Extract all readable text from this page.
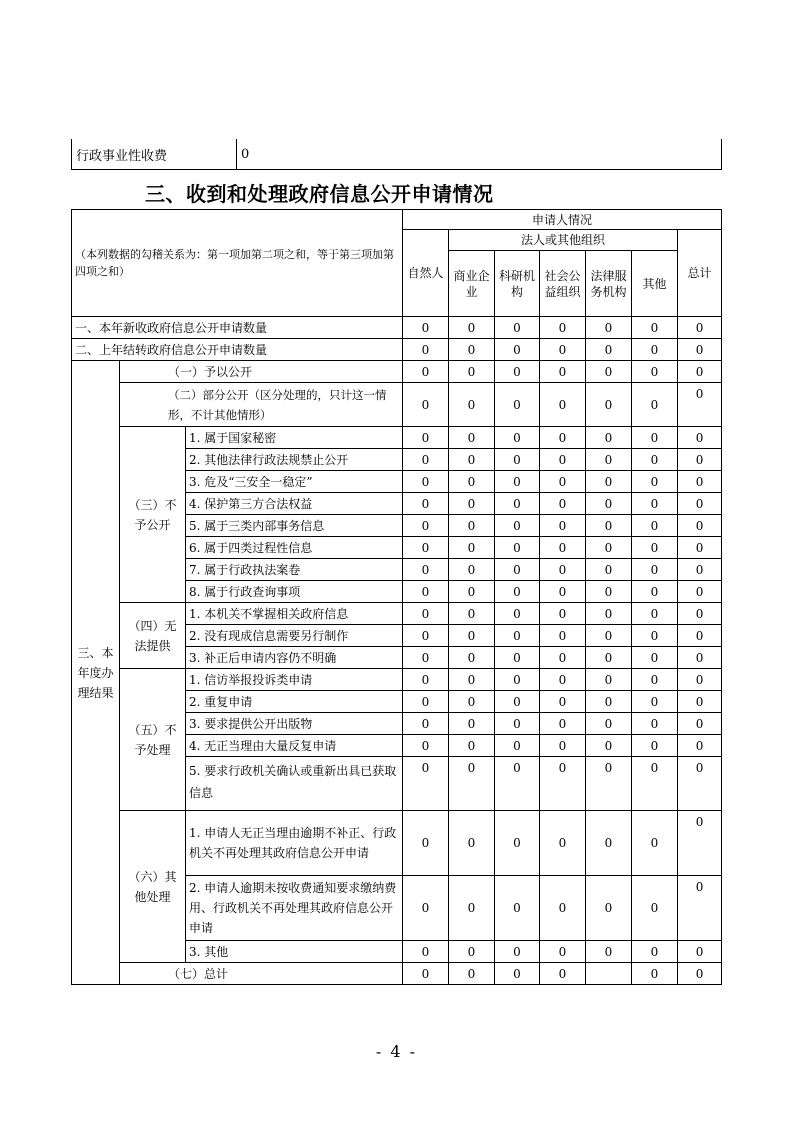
行政事业性收费	0
三、收到和处理政府信息公开申请情况
（本列数据的勾稽关系为：第一项加第二项之和，等于第三项加第四项之和）			申请人情况						
			自然人	法人或其他组织					总计
				商业企业	科研机构	社会公益组织	法律服务机构	其他	
一、本年新收政府信息公开申请数量			0	0	0	0	0	0	0
二、上年结转政府信息公开申请数量			0	0	0	0	0	0	0
三、本年度办理结果	（一）予以公开		0	0	0	0	0	0	0
	（二）部分公开（区分处理的，只计这一情形，不计其他情形）		0	0	0	0	0	0	0
	（三）不予公开	1. 属于国家秘密	0	0	0	0	0	0	0
		2. 其他法律行政法规禁止公开	0	0	0	0	0	0	0
		3. 危及“三安全一稳定”	0	0	0	0	0	0	0
		4. 保护第三方合法权益	0	0	0	0	0	0	0
		5. 属于三类内部事务信息	0	0	0	0	0	0	0
		6. 属于四类过程性信息	0	0	0	0	0	0	0
		7. 属于行政执法案卷	0	0	0	0	0	0	0
		8. 属于行政查询事项	0	0	0	0	0	0	0
	（四）无法提供	1. 本机关不掌握相关政府信息	0	0	0	0	0	0	0
		2. 没有现成信息需要另行制作	0	0	0	0	0	0	0
		3. 补正后申请内容仍不明确	0	0	0	0	0	0	0
	（五）不予处理	1. 信访举报投诉类申请	0	0	0	0	0	0	0
		2. 重复申请	0	0	0	0	0	0	0
		3. 要求提供公开出版物	0	0	0	0	0	0	0
		4. 无正当理由大量反复申请	0	0	0	0	0	0	0
		5. 要求行政机关确认或重新出具已获取信息	0	0	0	0	0	0	0
	（六）其他处理	1. 申请人无正当理由逾期不补正、行政机关不再处理其政府信息公开申请	0	0	0	0	0	0	0
		2. 申请人逾期未按收费通知要求缴纳费用、行政机关不再处理其政府信息公开申请	0	0	0	0	0	0	0
		3. 其他	0	0	0	0	0	0	0
	（七）总计		0	0	0	0		0	0
- 4 -
